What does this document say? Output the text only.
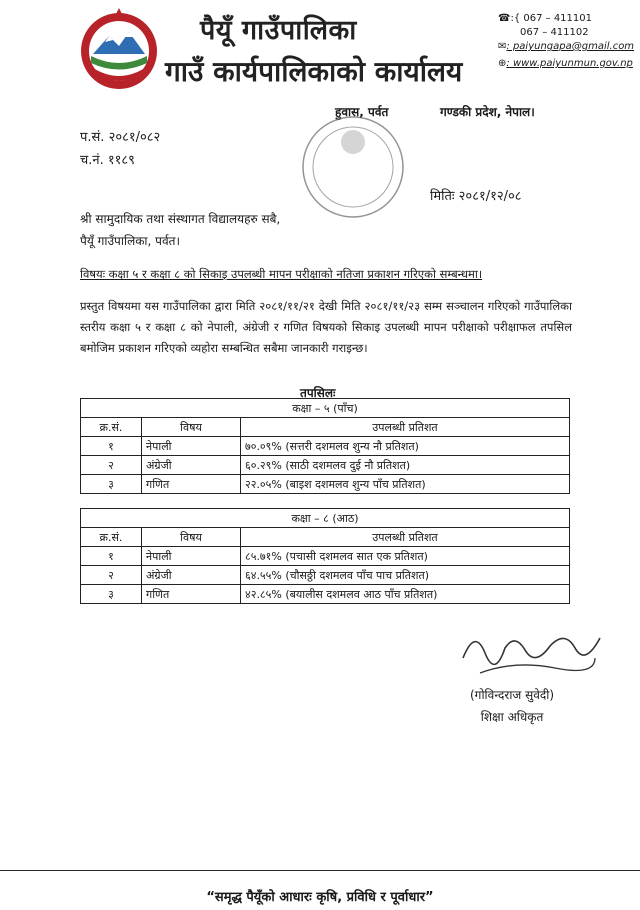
पैयूँ गाउँपालिका
गाउँ कार्यपालिकाको कार्यालय
☎:{ 067 – 411101
067 – 411102
✉: paiyungapa@gmail.com
⊕: www.paiyunmun.gov.np
हुवास, पर्वत	गण्डकी प्रदेश, नेपाल।
प.सं. २०८१/०८२
च.नं. ११८९
मितिः २०८१/१२/०८
श्री सामुदायिक तथा संस्थागत विद्यालयहरु सबै,
पैयूँ गाउँपालिका, पर्वत।
विषयः कक्षा ५ र कक्षा ८ को सिकाइ उपलब्धी मापन परीक्षाको नतिजा प्रकाशन गरिएको सम्बन्धमा।
प्रस्तुत विषयमा यस गाउँपालिका द्वारा मिति २०८१/११/२१ देखी मिति २०८१/११/२३ सम्म सञ्चालन गरिएको गाउँपालिका स्तरीय कक्षा ५ र कक्षा ८ को नेपाली, अंग्रेजी र गणित विषयको सिकाइ उपलब्धी मापन परीक्षाको परीक्षाफल तपसिल बमोजिम प्रकाशन गरिएको व्यहोरा सम्बन्धित सबैमा जानकारी गराइन्छ।
तपसिलः
कक्षा – ५ (पाँच)		
क्र.सं.	विषय	उपलब्धी प्रतिशत
१	नेपाली	७०.०९% (सत्तरी दशमलव शुन्य नौ प्रतिशत)
२	अंग्रेजी	६०.२९% (साठी दशमलव दुई नौ प्रतिशत)
३	गणित	२२.०५% (बाइश दशमलव शुन्य पाँच प्रतिशत)
कक्षा – ८ (आठ)		
क्र.सं.	विषय	उपलब्धी प्रतिशत
१	नेपाली	८५.७१% (पचासी दशमलव सात एक प्रतिशत)
२	अंग्रेजी	६४.५५% (चौसठ्ठी दशमलव पाँच पाच प्रतिशत)
३	गणित	४२.८५% (बयालीस दशमलव आठ पाँच प्रतिशत)
(गोविन्दराज सुवेदी)
शिक्षा अधिकृत
“समृद्ध पैयूँको आधारः कृषि, प्रविधि र पूर्वाधार”
